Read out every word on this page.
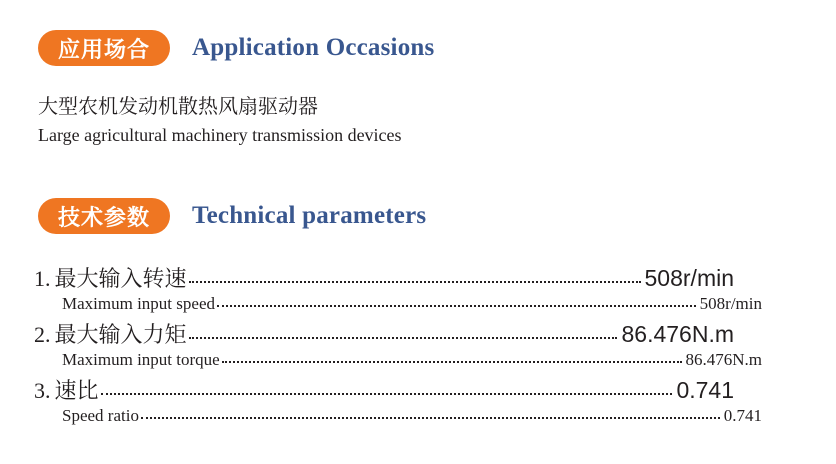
应用场合	Application Occasions
大型农机发动机散热风扇驱动器
Large agricultural machinery transmission devices
技术参数	Technical parameters
1. 最大输入转速	508r/min
Maximum input speed	508r/min
2. 最大输入力矩	86.476N.m
Maximum input torque	86.476N.m
3. 速比	0.741
Speed ratio	0.741
